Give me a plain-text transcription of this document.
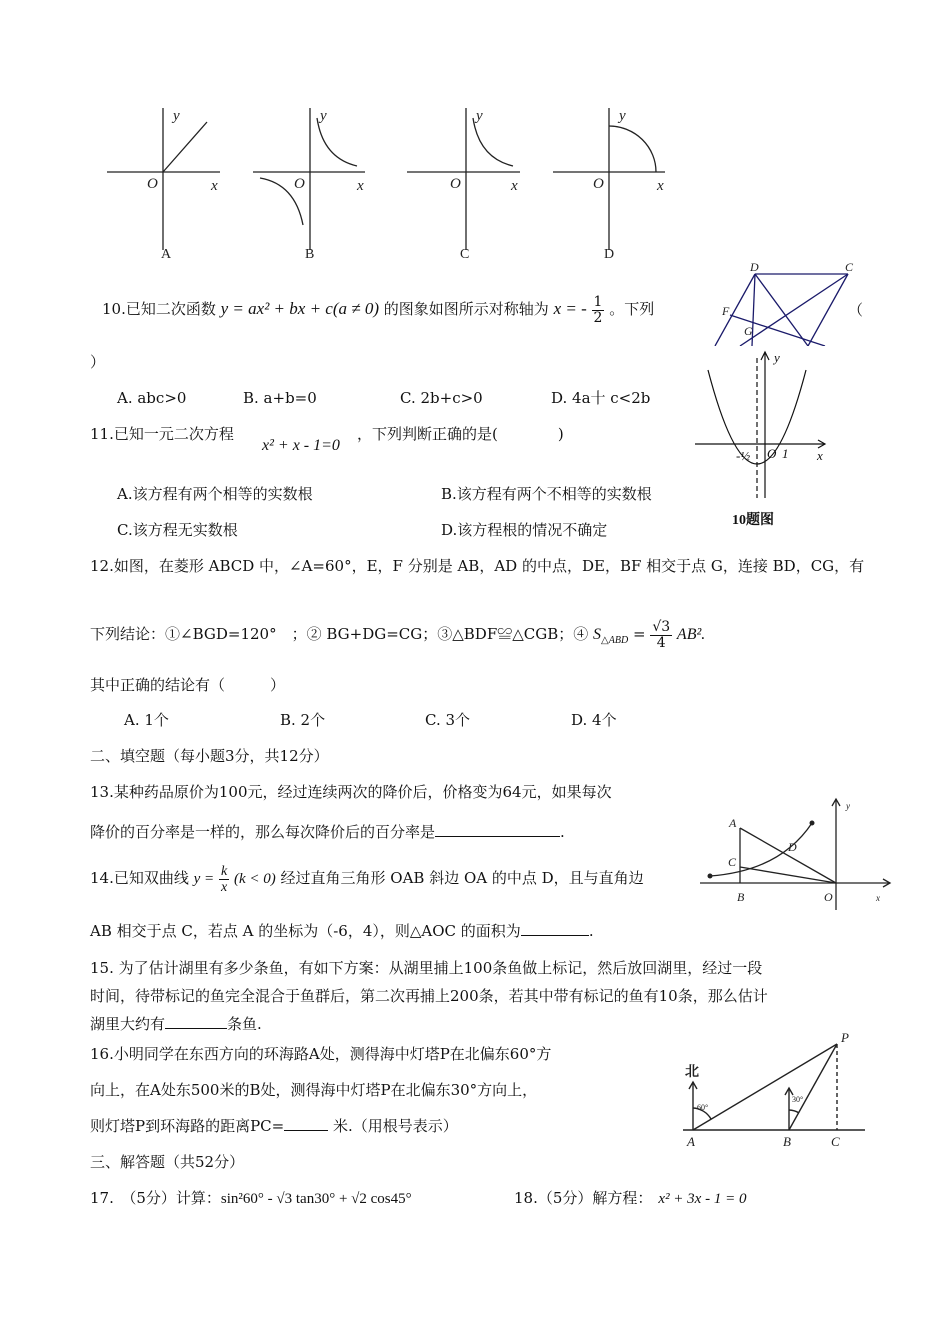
y
x
O
y
x
O
y
x
O
y
x
O
A	B	C	D
D	C
F
G
y
x
O 1
-½
10题图
10.已知二次函数 y = ax² + bx + c(a ≠ 0) 的图象如图所示对称轴为 x = - $\frac{1}{2}$ 。下列	（
）
A. abc>0	B. a+b=0	C. 2b+c>0	D. 4a十 c<2b
11.已知一元二次方程
x² + x - 1=0
，下列判断正确的是(　　　　)
A.该方程有两个相等的实数根	B.该方程有两个不相等的实数根
C.该方程无实数根	D.该方程根的情况不确定
12.如图，在菱形 ABCD 中，∠A=60°，E，F 分别是 AB，AD 的中点，DE，BF 相交于点 G，连接 BD，CG，有
下列结论：①∠BGD=120°　；② BG+DG=CG；③△BDF≌△CGB；④ $S_{\triangle ABD} = \frac{√3}{4} AB^2$.
其中正确的结论有（　　　）
A. 1个	B. 2个	C. 3个	D. 4个
二、填空题（每小题3分，共12分）
13.某种药品原价为100元，经过连续两次的降价后，价格变为64元，如果每次
降价的百分率是一样的，那么每次降价后的百分率是	.	A
C
D
B	O	x
y
14.已知双曲线 $y = \frac{k}{x} (k < 0)$ 经过直角三角形 OAB 斜边 OA 的中点 D，且与直角边
AB 相交于点 C，若点 A 的坐标为（-6，4），则△AOC 的面积为	.
15. 为了估计湖里有多少条鱼，有如下方案：从湖里捕上100条鱼做上标记，然后放回湖里，经过一段
时间，待带标记的鱼完全混合于鱼群后，第二次再捕上200条，若其中带有标记的鱼有10条，那么估计
湖里大约有	条鱼.
P
A	B	C
北
60°
30°
16.小明同学在东西方向的环海路A处，测得海中灯塔P在北偏东60°方
向上，在A处东500米的B处，测得海中灯塔P在北偏东30°方向上，
则灯塔P到环海路的距离PC=	米.（用根号表示）
三、解答题（共52分）
17.　（5分）计算：sin²60° - √3 tan30° + √2 cos45°	18.（5分）解方程： x² + 3x - 1 = 0
